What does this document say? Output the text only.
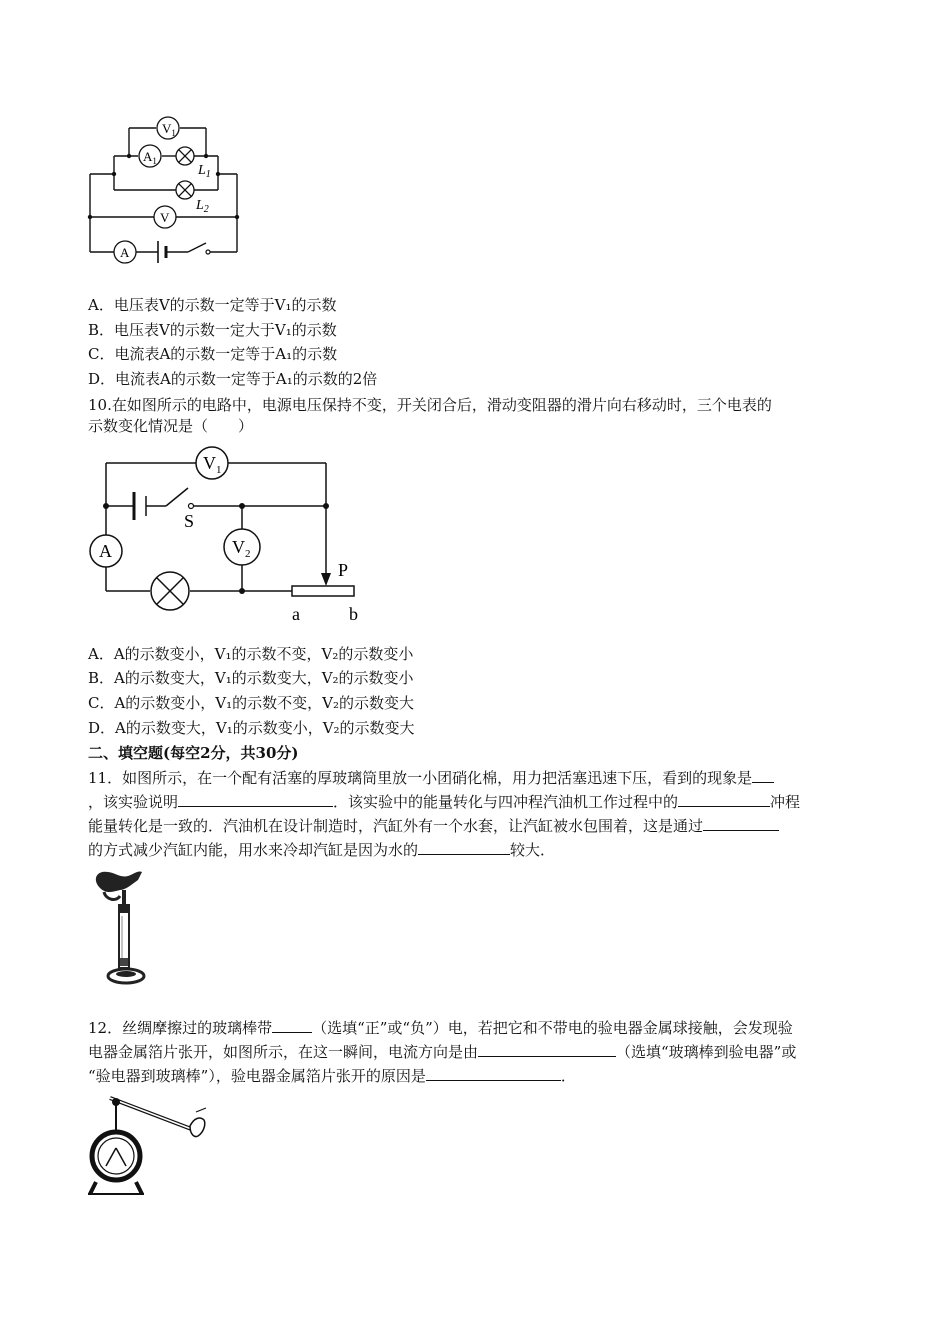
$V_1$
$A_1$
V
A
$L_1$
$L_2$
A．电压表V的示数一定等于V₁的示数
B．电压表V的示数一定大于V₁的示数
C．电流表A的示数一定等于A₁的示数
D．电流表A的示数一定等于A₁的示数的2倍
10.在如图所示的电路中，电源电压保持不变，开关闭合后，滑动变阻器的滑片向右移动时，三个电表的
示数变化情况是（　　）
$V_1$
A	$V_2$
S
P
a	b
A．A的示数变小，V₁的示数不变，V₂的示数变小
B．A的示数变大，V₁的示数变大，V₂的示数变小
C．A的示数变小，V₁的示数不变，V₂的示数变大
D．A的示数变大，V₁的示数变小，V₂的示数变大
二、填空题(每空2分，共30分)
11．如图所示，在一个配有活塞的厚玻璃筒里放一小团硝化棉，用力把活塞迅速下压，看到的现象是
，该实验说明	．该实验中的能量转化与四冲程汽油机工作过程中的	冲程
能量转化是一致的．汽油机在设计制造时，汽缸外有一个水套，让汽缸被水包围着，这是通过
的方式减少汽缸内能，用水来冷却汽缸是因为水的	较大．
12．丝绸摩擦过的玻璃棒带	（选填“正”或“负”）电，若把它和不带电的验电器金属球接触，会发现验
电器金属箔片张开，如图所示，在这一瞬间，电流方向是由	（选填“玻璃棒到验电器”或
“验电器到玻璃棒”），验电器金属箔片张开的原因是	．
